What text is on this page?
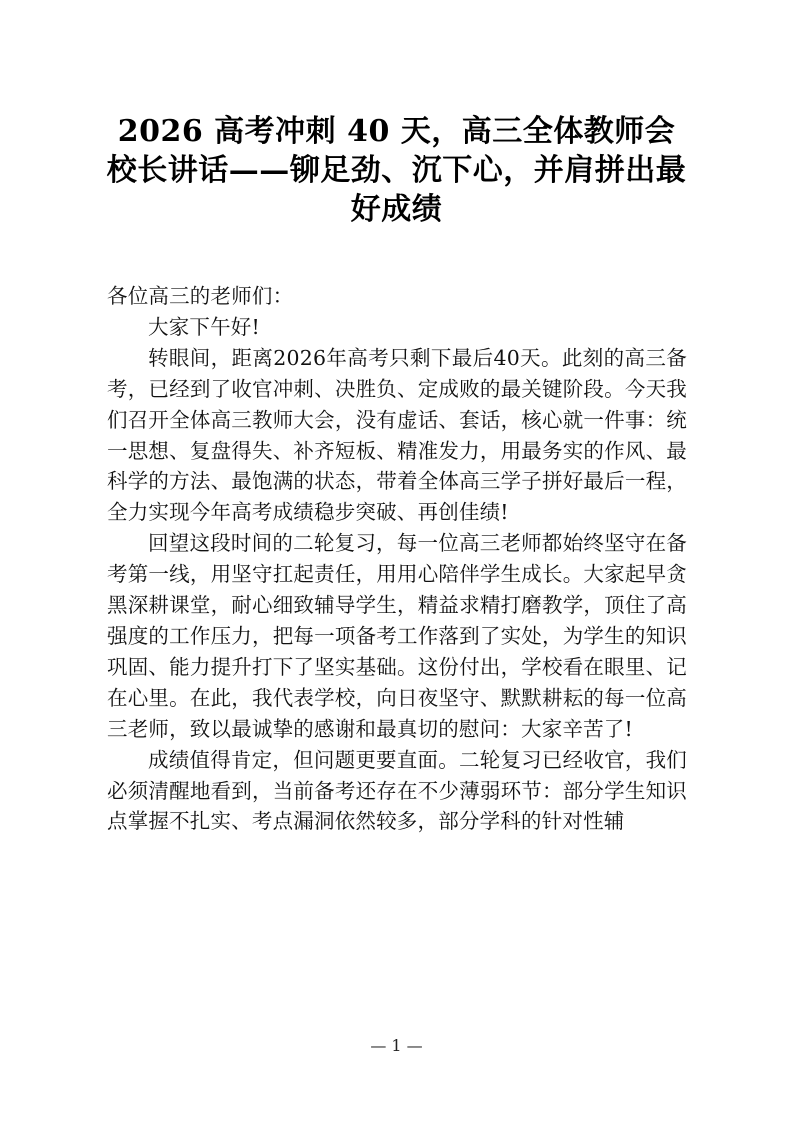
2026 高考冲刺 40 天，高三全体教师会校长讲话——铆足劲、沉下心，并肩拼出最好成绩

各位高三的老师们：

大家下午好!

转眼间，距离2026年高考只剩下最后40天。此刻的高三备考，已经到了收官冲刺、决胜负、定成败的最关键阶段。今天我们召开全体高三教师大会，没有虚话、套话，核心就一件事：统一思想、复盘得失、补齐短板、精准发力，用最务实的作风、最科学的方法、最饱满的状态，带着全体高三学子拼好最后一程，全力实现今年高考成绩稳步突破、再创佳绩!

回望这段时间的二轮复习，每一位高三老师都始终坚守在备考第一线，用坚守扛起责任，用用心陪伴学生成长。大家起早贪黑深耕课堂，耐心细致辅导学生，精益求精打磨教学，顶住了高强度的工作压力，把每一项备考工作落到了实处，为学生的知识巩固、能力提升打下了坚实基础。这份付出，学校看在眼里、记在心里。在此，我代表学校，向日夜坚守、默默耕耘的每一位高三老师，致以最诚挚的感谢和最真切的慰问：大家辛苦了!

成绩值得肯定，但问题更要直面。二轮复习已经收官，我们必须清醒地看到，当前备考还存在不少薄弱环节：部分学生知识点掌握不扎实、考点漏洞依然较多，部分学科的针对性辅

— 1 —
